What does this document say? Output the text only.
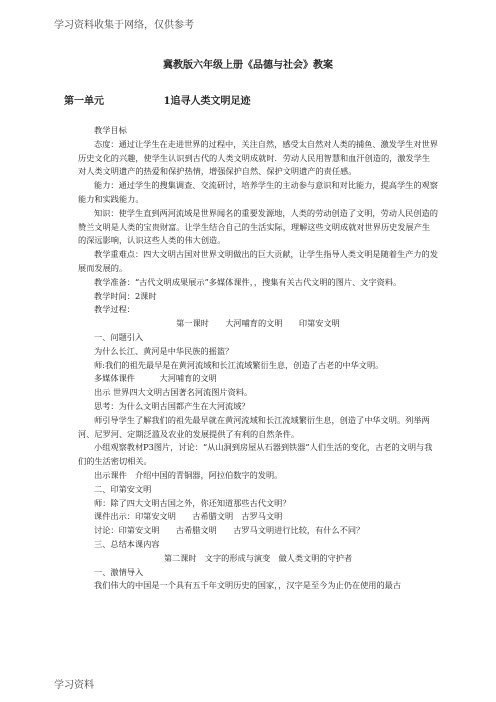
学习资料收集于网络，仅供参考
冀教版六年级上册《品德与社会》教案
第一单元	1追寻人类文明足迹

教学目标

态度：通过让学生在走进世界的过程中，关注自然，感受太自然对人类的捕鱼、激发学生对世界历史文化的兴趣，使学生认识到古代的人类文明成就时．劳动人民用智慧和血汗创造的，激发学生对人类文明遗产的热爱和保护热情，增强保护自然、保护文明遗产的责任感。

能力：通过学生的搜集调查、交流研讨，培养学生的主动参与意识和对比能力，提高学生的观察能力和实践能力。

知识：使学生直到两河流域是世界闻名的重要发源地，人类的劳动创造了文明，劳动人民创造的赞兰文明是人类的宝贵财富。让学生结合自己的生活实际，理解这些文明成就对世界历史发展产生的深远影响，认识这些人类的伟大创造。

教学重难点：四大文明古国对世界文明做出的巨大贡献，让学生指导人类文明是随着生产力的发展而发展的。

教学准备：“古代文明成果展示”多媒体课件，，搜集有关古代文明的图片、文字资料。

教学时间：2课时

教学过程：

第一课时　　大河哺育的文明　　印第安文明

一、问题引入

为什么长江、黄河是中华民族的摇篮？

师:我们的祖先最早是在黄河流域和长江流域繁衍生息，创造了古老的中华文明。

多媒体课件　　　大河哺育的文明

出示 世界四大文明古国著名河流图片资料。

思考：为什么文明古国都产生在大河流域？

师引导学生了解我们的祖先最早就在黄河流域和长江流域繁衍生息，创造了中华文明。列举两河、尼罗河、定期泛滥及农业的发展提供了有利的自然条件。

小组观察教材P3图片，讨论：“从山洞到房屋从石器到铁器”人们生活的变化，古老的文明与我们的生活密切相关。

出示课件　介绍中国的青铜器，阿拉伯数字的发明。

二、印第安文明

师：除了四大文明古国之外，你还知道那些古代文明？

课件出示：印第安文明　　古希腊文明　古罗马文明

讨论：印第安文明　　古希腊文明　　古罗马文明进行比较，有什么不同？

三、总结本课内容

第二课时　文字的形成与演变　做人类文明的守护者

一、激情导入

我们伟大的中国是一个具有五千年文明历史的国家，，汉字是至今为止仍在使用的最古

学习资料
